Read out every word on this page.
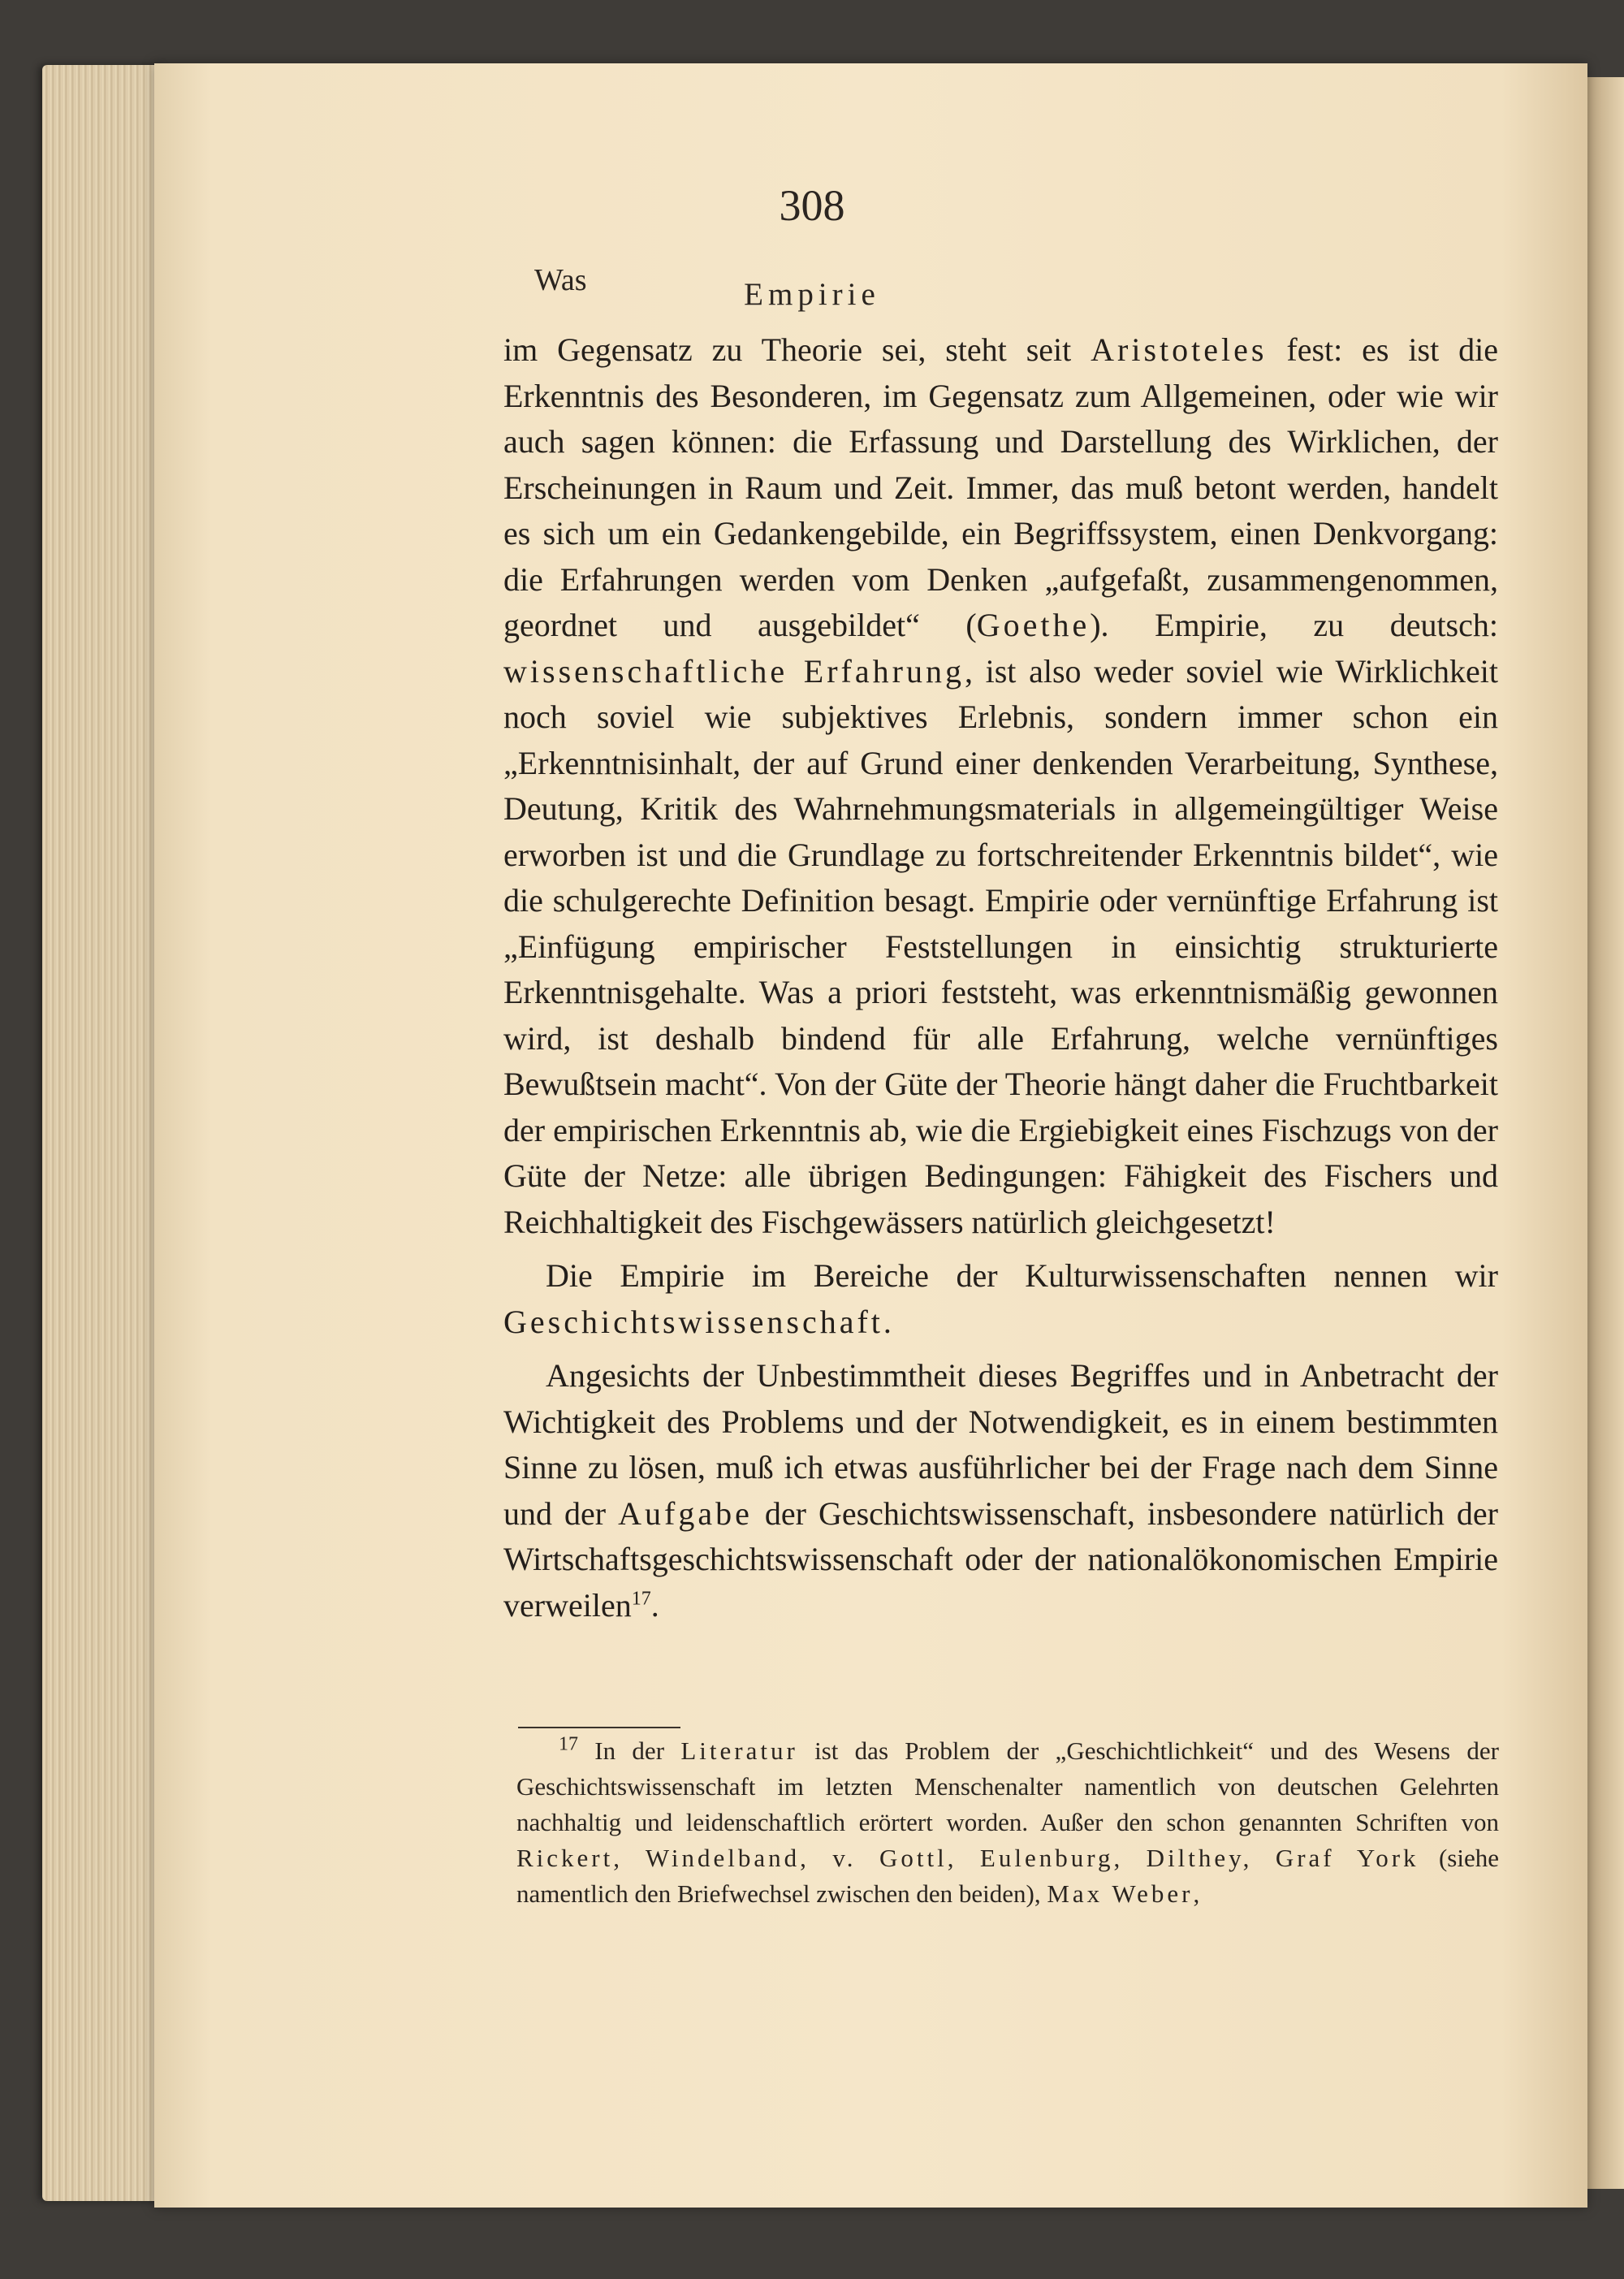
308
Was	Empirie

im Gegensatz zu Theorie sei, steht seit Aristoteles fest: es ist die Erkenntnis des Besonderen, im Gegensatz zum Allgemeinen, oder wie wir auch sagen können: die Erfassung und Darstellung des Wirklichen, der Erscheinungen in Raum und Zeit. Immer, das muß betont werden, handelt es sich um ein Gedankengebilde, ein Begriffssystem, einen Denkvorgang: die Erfahrungen werden vom Denken „aufgefaßt, zusammengenommen, geordnet und ausgebildet“ (Goethe). Empirie, zu deutsch: wissenschaftliche Erfahrung, ist also weder soviel wie Wirklichkeit noch soviel wie subjektives Erlebnis, sondern immer schon ein „Erkenntnisinhalt, der auf Grund einer denkenden Verarbeitung, Synthese, Deutung, Kritik des Wahrnehmungsmaterials in allgemeingültiger Weise erworben ist und die Grundlage zu fortschreitender Erkenntnis bildet“, wie die schulgerechte Definition besagt. Empirie oder vernünftige Erfahrung ist „Einfügung empirischer Feststellungen in einsichtig strukturierte Erkenntnisgehalte. Was a priori feststeht, was erkenntnismäßig gewonnen wird, ist deshalb bindend für alle Erfahrung, welche vernünftiges Bewußtsein macht“. Von der Güte der Theorie hängt daher die Fruchtbarkeit der empirischen Erkenntnis ab, wie die Ergiebigkeit eines Fischzugs von der Güte der Netze: alle übrigen Bedingungen: Fähigkeit des Fischers und Reichhaltigkeit des Fischgewässers natürlich gleichgesetzt!

Die Empirie im Bereiche der Kulturwissenschaften nennen wir Geschichtswissenschaft.

Angesichts der Unbestimmtheit dieses Begriffes und in Anbetracht der Wichtigkeit des Problems und der Notwendigkeit, es in einem bestimmten Sinne zu lösen, muß ich etwas ausführlicher bei der Frage nach dem Sinne und der Aufgabe der Geschichtswissenschaft, insbesondere natürlich der Wirtschaftsgeschichtswissenschaft oder der nationalökonomischen Empirie verweilen$^{17}$.

$^{17}$ In der Literatur ist das Problem der „Geschichtlichkeit“ und des Wesens der Geschichtswissenschaft im letzten Menschenalter namentlich von deutschen Gelehrten nachhaltig und leidenschaftlich erörtert worden. Außer den schon genannten Schriften von Rickert, Windelband, v. Gottl, Eulenburg, Dilthey, Graf York (siehe namentlich den Briefwechsel zwischen den beiden), Max Weber,
